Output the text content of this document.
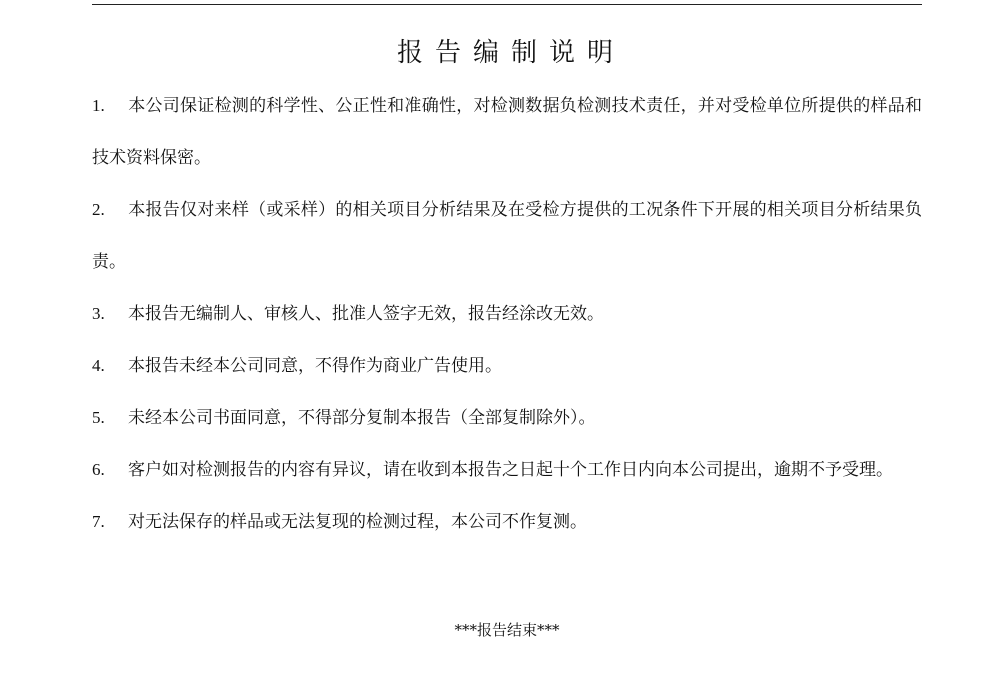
报告编制说明
1. 本公司保证检测的科学性、公正性和准确性，对检测数据负检测技术责任，并对受检单位所提供的样品和技术资料保密。
2. 本报告仅对来样（或采样）的相关项目分析结果及在受检方提供的工况条件下开展的相关项目分析结果负责。
3. 本报告无编制人、审核人、批准人签字无效，报告经涂改无效。
4. 本报告未经本公司同意，不得作为商业广告使用。
5. 未经本公司书面同意，不得部分复制本报告（全部复制除外）。
6. 客户如对检测报告的内容有异议，请在收到本报告之日起十个工作日内向本公司提出，逾期不予受理。
7. 对无法保存的样品或无法复现的检测过程，本公司不作复测。
***报告结束***
